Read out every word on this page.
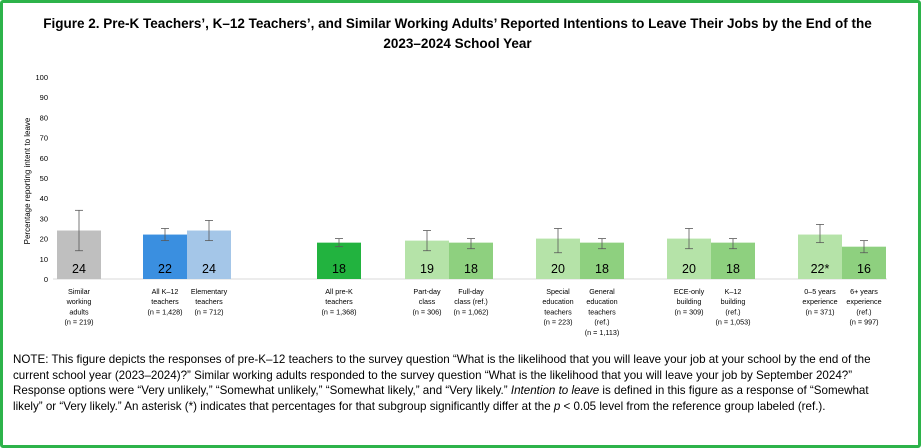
Figure 2. Pre-K Teachers’, K–12 Teachers’, and Similar Working Adults’ Reported Intentions to Leave Their Jobs by the End of the
2023–2024 School Year
0
10
20
30
40
50
60
70
80
90
100
Percentage reporting intent to leave
24
Similar
working
adults
(n = 219)
22
All K–12
teachers
(n = 1,428)
24
Elementary
teachers
(n = 712)
18
All pre-K
teachers
(n = 1,368)
19
Part-day
class
(n = 306)
18
Full-day
class (ref.)
(n = 1,062)
20
Special
education
teachers
(n = 223)
18
General
education
teachers
(ref.)
(n = 1,113)
20
ECE-only
building
(n = 309)
18
K–12
building
(ref.)
(n = 1,053)
22*
0–5 years
experience
(n = 371)
16
6+ years
experience
(ref.)
(n = 997)
NOTE: This figure depicts the responses of pre-K–12 teachers to the survey question “What is the likelihood that you will leave your job at your school by the end of the current school year (2023–2024)?” Similar working adults responded to the survey question “What is the likelihood that you will leave your job by September 2024?” Response options were “Very unlikely,” “Somewhat unlikely,” “Somewhat likely,” and “Very likely.” Intention to leave is defined in this figure as a response of “Somewhat likely” or “Very likely.” An asterisk (*) indicates that percentages for that subgroup significantly differ at the p < 0.05 level from the reference group labeled (ref.).
